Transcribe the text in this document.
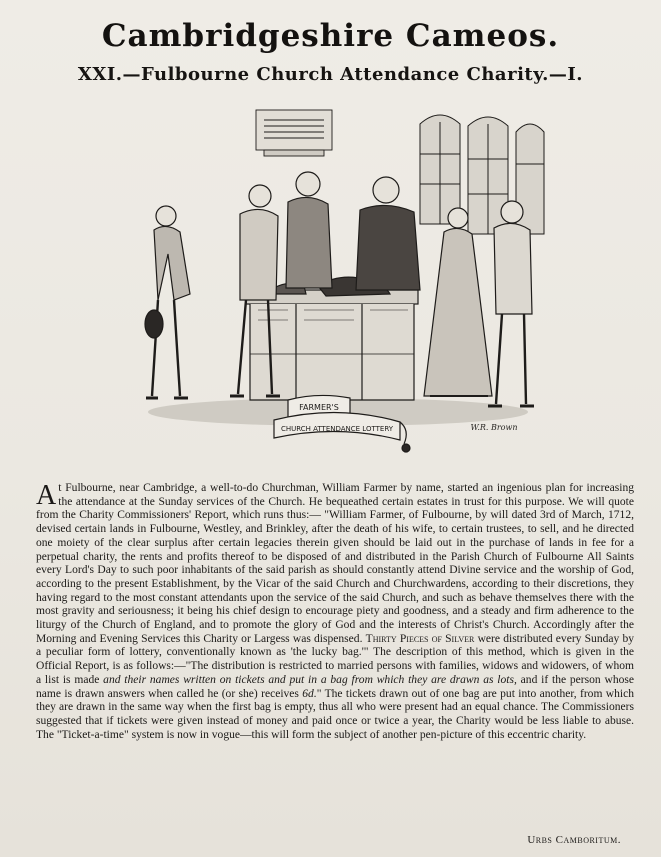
Cambridgeshire Cameos.
XXI.—Fulbourne Church Attendance Charity.—I.
FARMER'S
CHURCH ATTENDANCE LOTTERY	W.R. Brown
At Fulbourne, near Cambridge, a well-to-do Churchman, William Farmer by name, started an ingenious plan for increasing the attendance at the Sunday services of the Church. He bequeathed certain estates in trust for this purpose. We will quote from the Charity Commissioners' Report, which runs thus:— "William Farmer, of Fulbourne, by will dated 3rd of March, 1712, devised certain lands in Fulbourne, Westley, and Brinkley, after the death of his wife, to certain trustees, to sell, and he directed one moiety of the clear surplus after certain legacies therein given should be laid out in the purchase of lands in fee for a perpetual charity, the rents and profits thereof to be disposed of and distributed in the Parish Church of Fulbourne All Saints every Lord's Day to such poor inhabitants of the said parish as should constantly attend Divine service and the worship of God, according to the present Establishment, by the Vicar of the said Church and Churchwardens, according to their discretions, they having regard to the most constant attendants upon the service of the said Church, and such as behave themselves there with the most gravity and seriousness; it being his chief design to encourage piety and goodness, and a steady and firm adherence to the liturgy of the Church of England, and to promote the glory of God and the interests of Christ's Church. Accordingly after the Morning and Evening Services this Charity or Largess was dispensed. Thirty Pieces of Silver were distributed every Sunday by a peculiar form of lottery, conventionally known as 'the lucky bag.'" The description of this method, which is given in the Official Report, is as follows:—"The distribution is restricted to married persons with families, widows and widowers, of whom a list is made and their names written on tickets and put in a bag from which they are drawn as lots, and if the person whose name is drawn answers when called he (or she) receives 6d." The tickets drawn out of one bag are put into another, from which they are drawn in the same way when the first bag is empty, thus all who were present had an equal chance. The Commissioners suggested that if tickets were given instead of money and paid once or twice a year, the Charity would be less liable to abuse. The "Ticket-a-time" system is now in vogue—this will form the subject of another pen-picture of this eccentric charity.
Urbs Camboritum.
